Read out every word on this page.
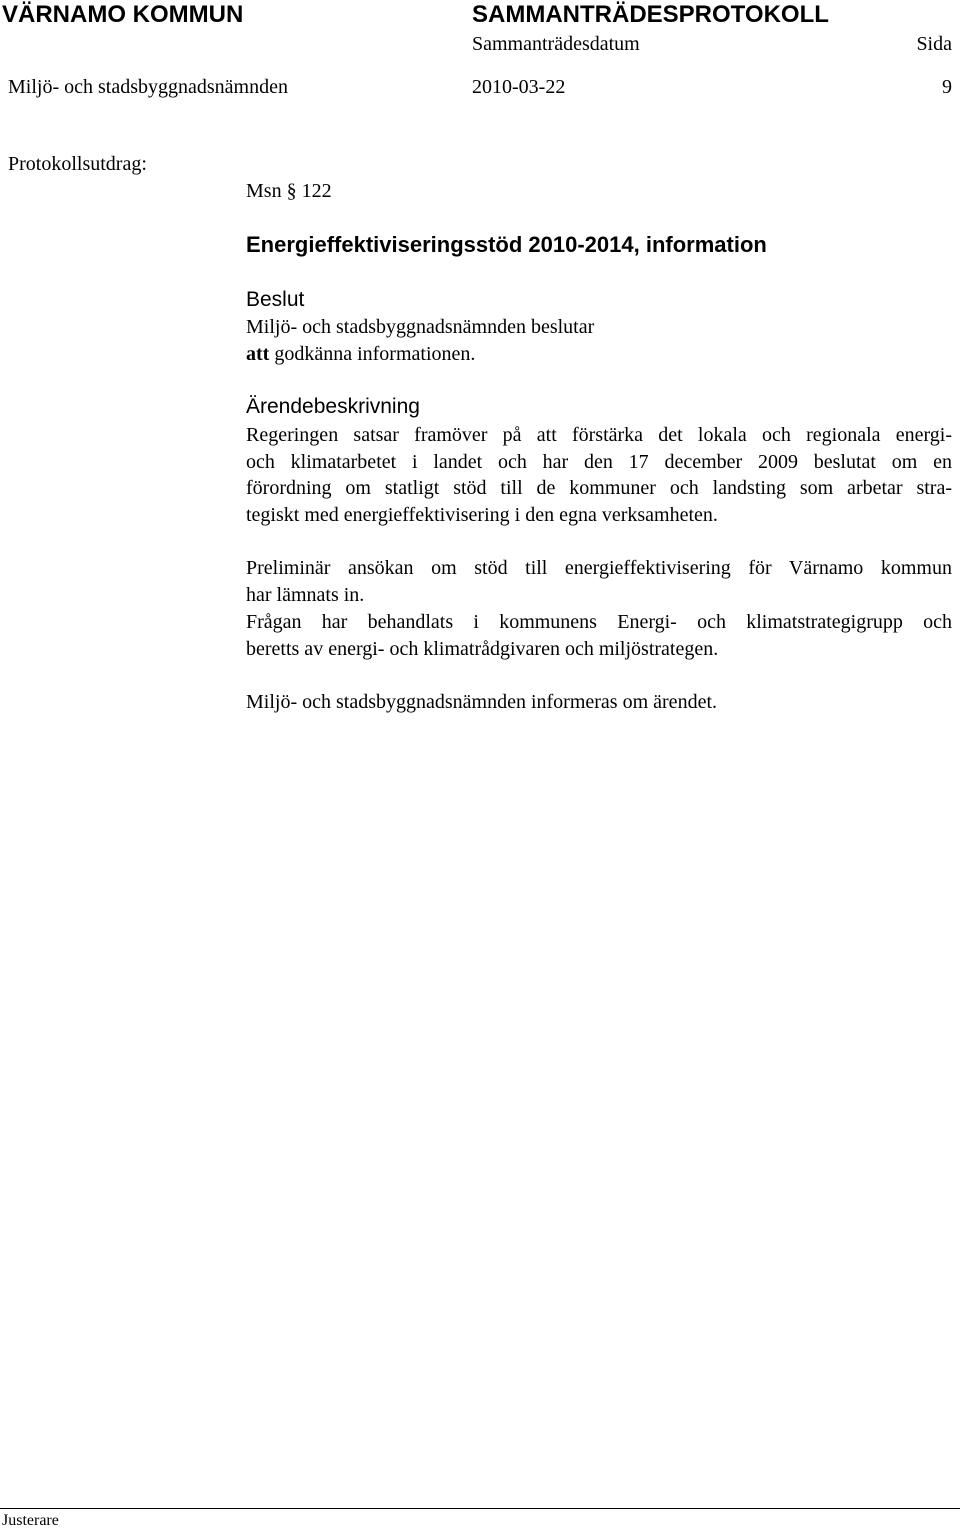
VÄRNAMO KOMMUN	SAMMANTRÄDESPROTOKOLL
Sammanträdesdatum	Sida
Miljö- och stadsbyggnadsnämnden	2010-03-22	9
Protokollsutdrag:
Msn § 122
Energieffektiviseringsstöd 2010-2014, information
Beslut
Miljö- och stadsbyggnadsnämnden beslutar
att godkänna informationen.
Ärendebeskrivning
Regeringen satsar framöver på att förstärka det lokala och regionala energi-
och klimatarbetet i landet och har den 17 december 2009 beslutat om en
förordning om statligt stöd till de kommuner och landsting som arbetar stra-
tegiskt med energieffektivisering i den egna verksamheten.
Preliminär ansökan om stöd till energieffektivisering för Värnamo kommun
har lämnats in.
Frågan har behandlats i kommunens Energi- och klimatstrategigrupp och
beretts av energi- och klimatrådgivaren och miljöstrategen.
Miljö- och stadsbyggnadsnämnden informeras om ärendet.
Justerare
